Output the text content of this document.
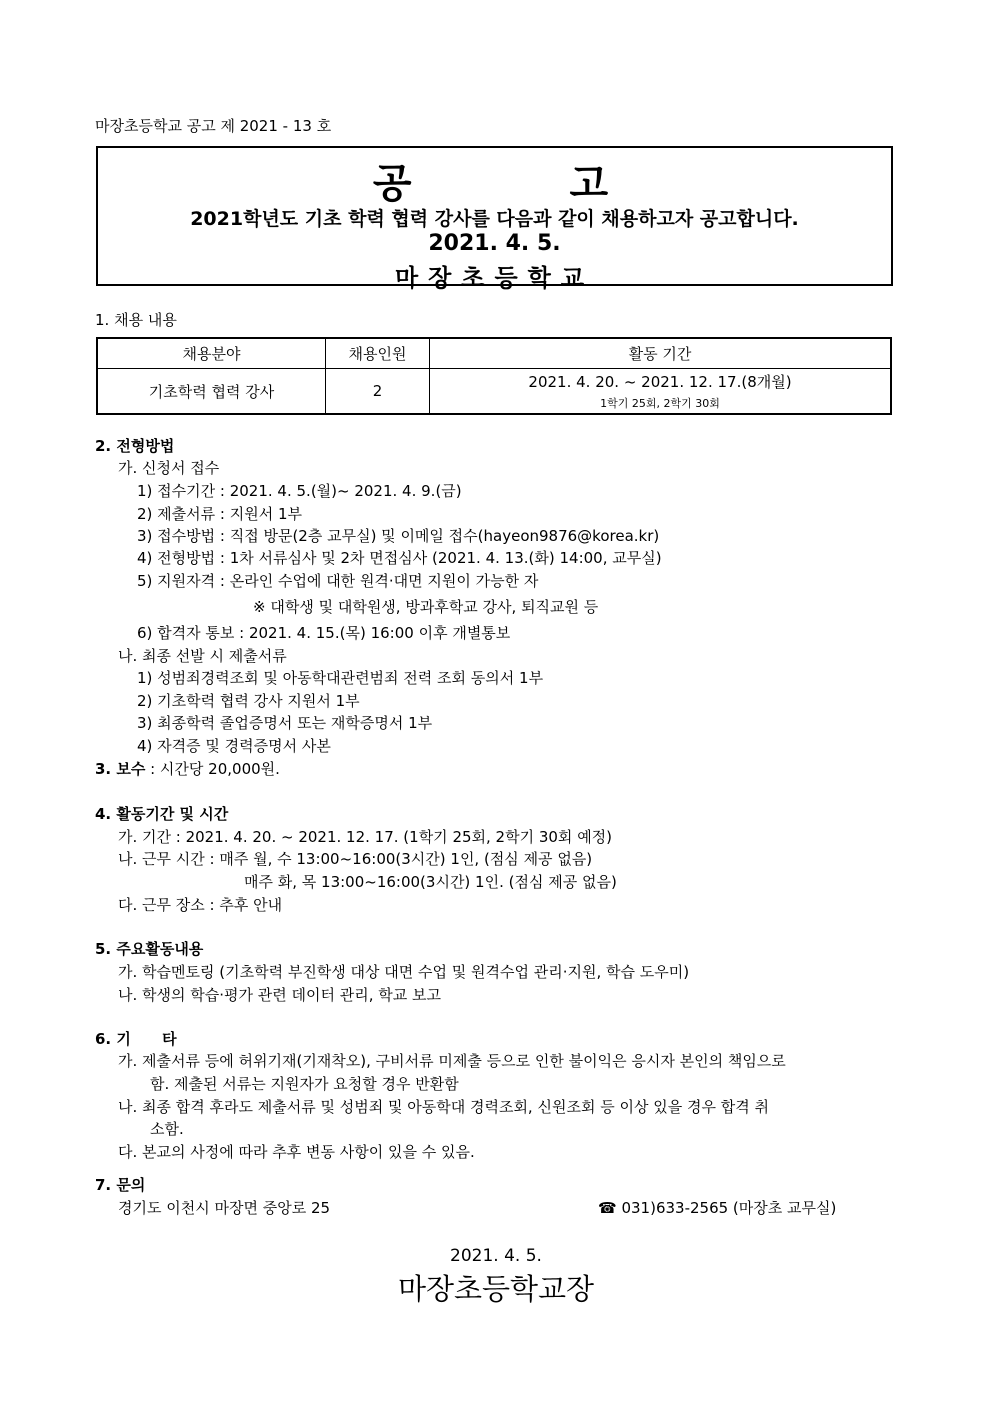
마장초등학교 공고 제 2021 - 13 호
공	고
2021학년도 기초 학력 협력 강사를 다음과 같이 채용하고자 공고합니다.
2021. 4. 5.
마장초등학교
1. 채용 내용
채용분야	채용인원	활동 기간
기초학력 협력 강사	2	2021. 4. 20. ~ 2021. 12. 17.(8개월)
1학기 25회, 2학기 30회
2. 전형방법
가. 신청서 접수
1) 접수기간 : 2021. 4. 5.(월)~ 2021. 4. 9.(금)
2) 제출서류 : 지원서 1부
3) 접수방법 : 직접 방문(2층 교무실) 및 이메일 접수(hayeon9876@korea.kr)
4) 전형방법 : 1차 서류심사 및 2차 면접심사 (2021. 4. 13.(화) 14:00, 교무실)
5) 지원자격 : 온라인 수업에 대한 원격·대면 지원이 가능한 자
※ 대학생 및 대학원생, 방과후학교 강사, 퇴직교원 등
6) 합격자 통보 : 2021. 4. 15.(목) 16:00 이후 개별통보
나. 최종 선발 시 제출서류
1) 성범죄경력조회 및 아동학대관련범죄 전력 조회 동의서 1부
2) 기초학력 협력 강사 지원서 1부
3) 최종학력 졸업증명서 또는 재학증명서 1부
4) 자격증 및 경력증명서 사본
3. 보수 : 시간당 20,000원.
4. 활동기간 및 시간
가. 기간 : 2021. 4. 20. ~ 2021. 12. 17. (1학기 25회, 2학기 30회 예정)
나. 근무 시간 : 매주 월, 수 13:00~16:00(3시간) 1인, (점심 제공 없음)
매주 화, 목 13:00~16:00(3시간) 1인. (점심 제공 없음)
다. 근무 장소 : 추후 안내
5. 주요활동내용
가. 학습멘토링 (기초학력 부진학생 대상 대면 수업 및 원격수업 관리·지원, 학습 도우미)
나. 학생의 학습·평가 관련 데이터 관리, 학교 보고
6. 기      타
가. 제출서류 등에 허위기재(기재착오), 구비서류 미제출 등으로 인한 불이익은 응시자 본인의 책임으로
함. 제출된 서류는 지원자가 요청할 경우 반환함
나. 최종 합격 후라도 제출서류 및 성범죄 및 아동학대 경력조회, 신원조회 등 이상 있을 경우 합격 취
소함.
다. 본교의 사정에 따라 추후 변동 사항이 있을 수 있음.
7. 문의
경기도 이천시 마장면 중앙로 25	☎ 031)633-2565 (마장초 교무실)
2021. 4. 5.
마장초등학교장
